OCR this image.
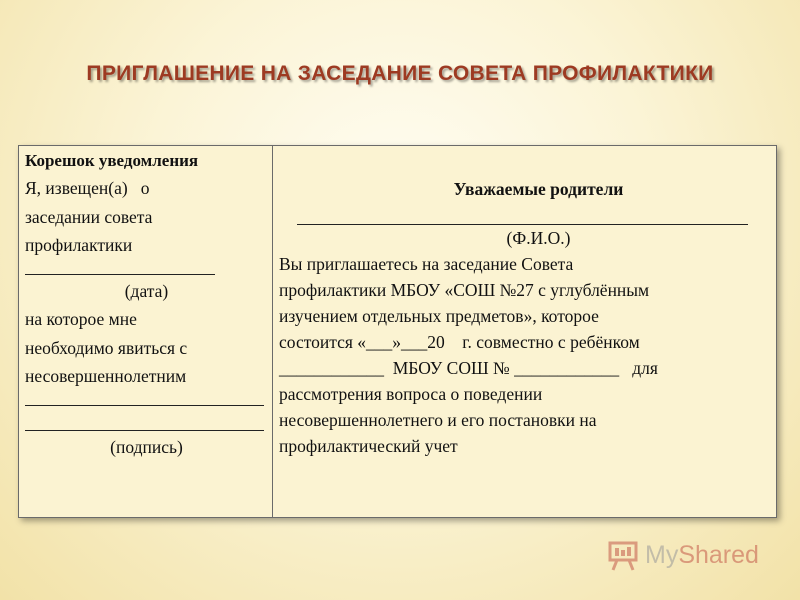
ПРИГЛАШЕНИЕ НА ЗАСЕДАНИЕ СОВЕТА ПРОФИЛАКТИКИ
Корешок уведомления
Я, извещен(а)   о
заседании совета
профилактики
(дата)
на которое мне
необходимо явиться с
несовершеннолетним
(подпись)
Уважаемые родители
(Ф.И.О.)
Вы приглашаетесь на заседание Совета
профилактики МБОУ «СОШ №27 с углублённым
изучением отдельных предметов», которое
состоится «___»___20    г. совместно с ребёнком
____________  МБОУ СОШ № ____________   для
рассмотрения вопроса о поведении
несовершеннолетнего и его постановки на
профилактический учет
MyShared
